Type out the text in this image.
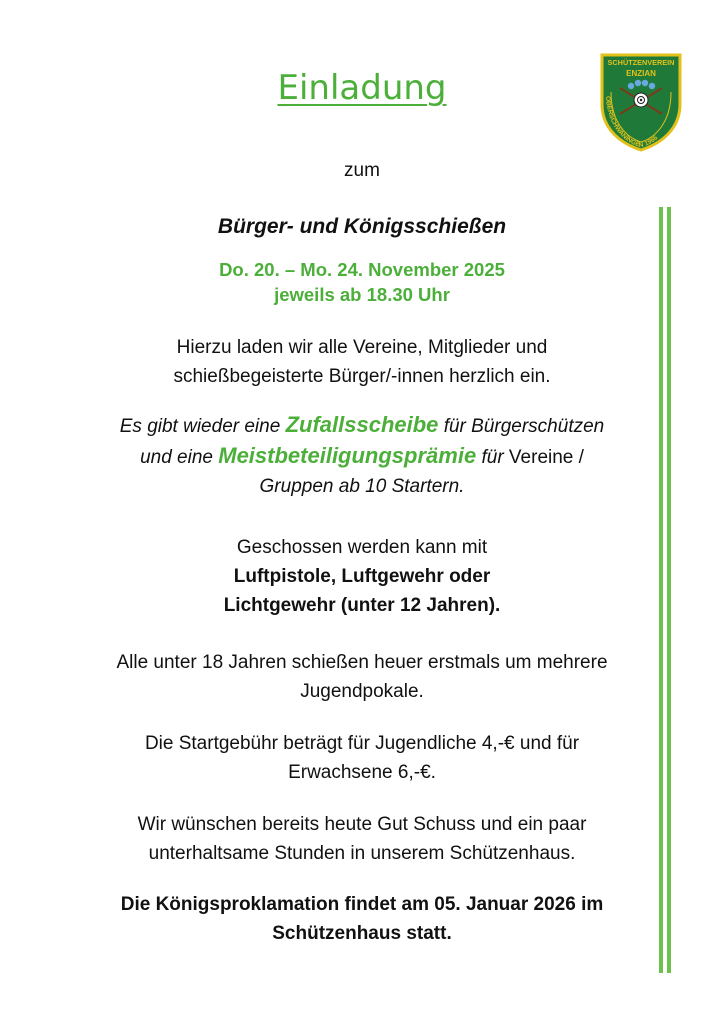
Einladung
SCHÜTZENVEREIN
ENZIAN
OBERSCHWANINGEN 1966
zum
Bürger- und Königsschießen
Do. 20. – Mo. 24. November 2025
jeweils ab 18.30 Uhr
Hierzu laden wir alle Vereine, Mitglieder und
schießbegeisterte Bürger/-innen herzlich ein.
Es gibt wieder eine Zufallsscheibe für Bürgerschützen
und eine Meistbeteiligungsprämie für Vereine /
Gruppen ab 10 Startern.
Geschossen werden kann mit
Luftpistole, Luftgewehr oder
Lichtgewehr (unter 12 Jahren).
Alle unter 18 Jahren schießen heuer erstmals um mehrere
Jugendpokale.
Die Startgebühr beträgt für Jugendliche 4,-€ und für
Erwachsene 6,-€.
Wir wünschen bereits heute Gut Schuss und ein paar
unterhaltsame Stunden in unserem Schützenhaus.
Die Königsproklamation findet am 05. Januar 2026 im
Schützenhaus statt.
